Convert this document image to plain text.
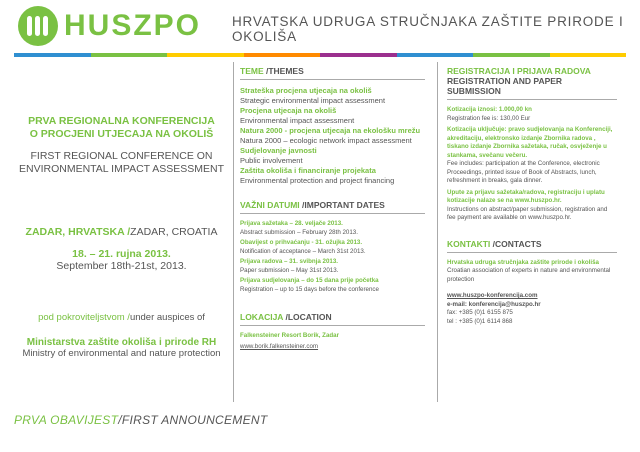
HUSZPO HRVATSKA UDRUGA STRUČNJAKA ZAŠTITE PRIRODE I OKOLIŠA
PRVA REGIONALNA KONFERENCIJA
O PROCJENI UTJECAJA NA OKOLIŠ
FIRST REGIONAL CONFERENCE ON
ENVIRONMENTAL IMPACT ASSESSMENT
ZADAR, HRVATSKA /ZADAR, CROATIA
18. – 21. rujna 2013.
September 18th-21st, 2013.
pod pokroviteljstvom /under auspices of
Ministarstva zaštite okoliša i prirode RH
Ministry of environmental and nature protection
PRVA OBAVIJEST/FIRST ANNOUNCEMENT
TEME /THEMES
Strateška procjena utjecaja na okoliš
Strategic environmental impact assessment
Procjena utjecaja na okoliš
Environmental impact assessment
Natura 2000 - procjena utjecaja na ekološku mrežu
Natura 2000 – ecologic network impact assessment
Sudjelovanje javnosti
Public involvement
Zaštita okoliša i financiranje projekata
Environmental protection and project financing
VAŽNI DATUMI /IMPORTANT DATES
Prijava sažetaka – 28. veljače 2013.
Abstract submission – February 28th 2013.
Obavijest o prihvaćanju - 31. ožujka 2013.
Notification of acceptance – March 31st 2013.
Prijava radova – 31. svibnja 2013.
Paper submission – May 31st 2013.
Prijava sudjelovanja – do 15 dana prije početka
Registration – up to 15 days before the conference
LOKACIJA /LOCATION
Falkensteiner Resort Borik, Zadar
www.borik.falkensteiner.com
REGISTRACIJA I PRIJAVA RADOVA
REGISTRATION AND PAPER SUBMISSION
Kotizacija iznosi: 1.000,00 kn
Registration fee is: 130,00 Eur
Kotizacija uključuje: pravo sudjelovanja na Konferenciji, akreditaciju, elektronsko izdanje Zbornika radova , tiskano izdanje Zbornika sažetaka, ručak, osvježenje u stankama, svečanu večeru.
Fee includes: participation at the Conference, electronic Proceedings, printed issue of Book of Abstracts, lunch, refreshment in breaks, gala dinner.
Upute za prijavu sažetaka/radova, registraciju i uplatu kotizacije nalaze se na www.huszpo.hr.
Instructions on abstract/paper submission, registration and fee payment are available on www.huszpo.hr.
KONTAKTI /CONTACTS
Hrvatska udruga stručnjaka zaštite prirode i okoliša
Croatian association of experts in nature and environmental protection
www.huszpo-konferencija.com
e-mail: konferencija@huszpo.hr
fax: +385 (0)1 6155 875
tel : +385 (0)1 6114 868
